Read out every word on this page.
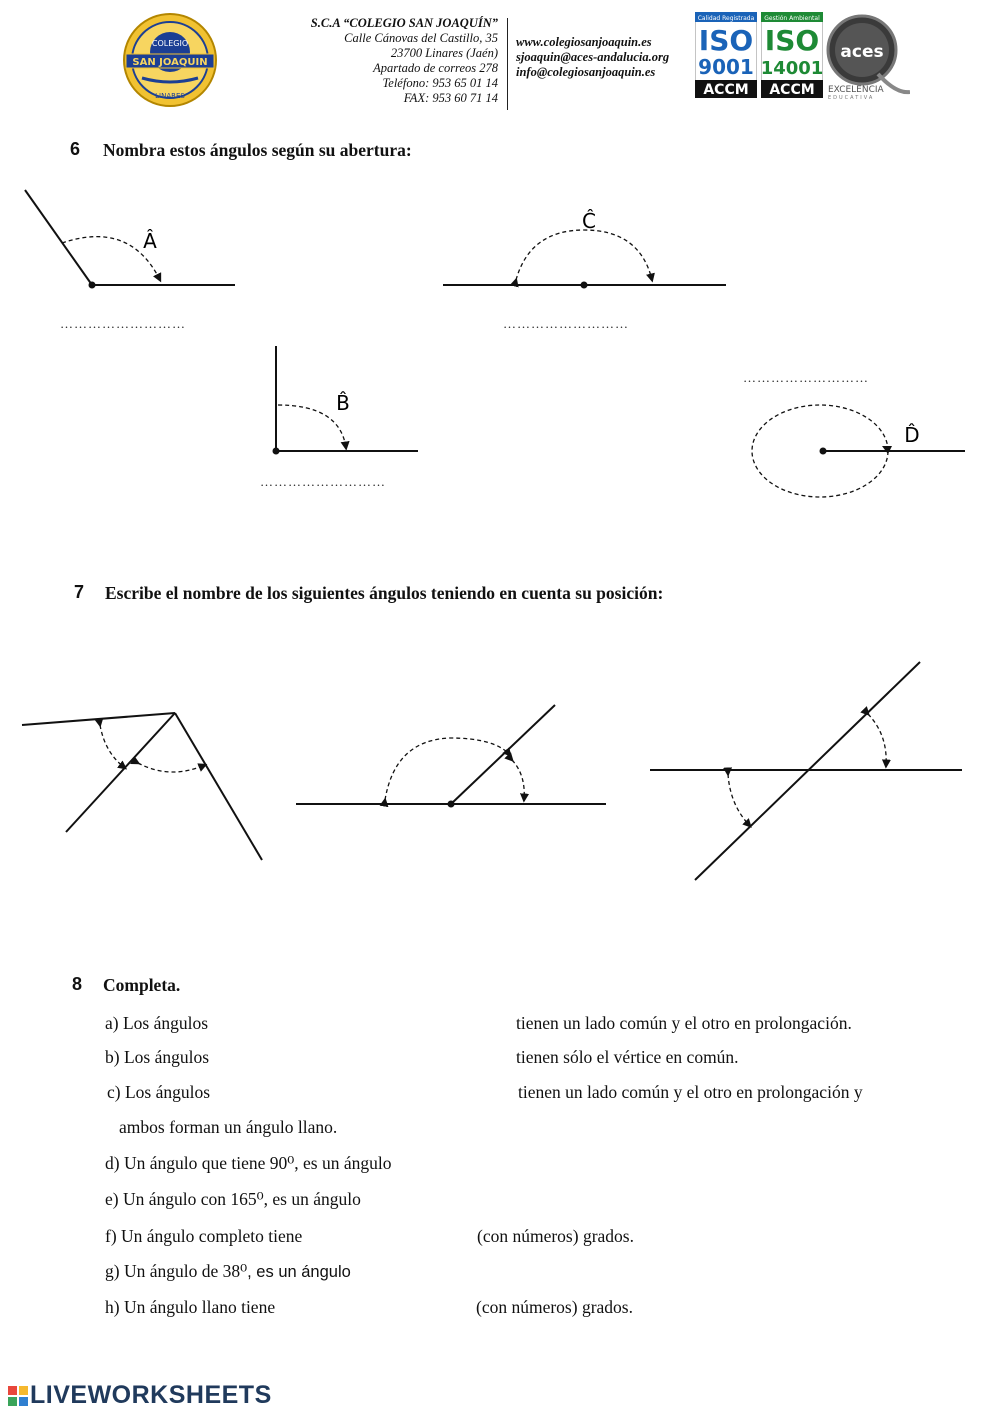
COLEGIO
SAN JOAQUIN
LINARES
S.C.A “COLEGIO SAN JOAQUÍN”
Calle Cánovas del Castillo, 35
23700 Linares (Jaén)
Apartado de correos 278
Teléfono: 953 65 01 14
FAX: 953 60 71 14
www.colegiosanjoaquin.es
sjoaquin@aces-andalucia.org
info@colegiosanjoaquin.es
Calidad Registrada
ISO
9001
ACCM
Gestión Ambiental
ISO
14001
ACCM
aces
EXCELENCIA
EDUCATIVA
6 Nombra estos ángulos según su abertura:
Â
Ĉ
B̂
D̂
………………………	………………………
………………………
………………………
7 Escribe el nombre de los siguientes ángulos teniendo en cuenta su posición:
8 Completa.
a) Los ángulos	tienen un lado común y el otro en prolongación.
b) Los ángulos	tienen sólo el vértice en común.
c) Los ángulos	tienen un lado común y el otro en prolongación y
ambos forman un ángulo llano.
d) Un ángulo que tiene 90⁰, es un ángulo
e) Un ángulo con 165⁰, es un ángulo
f) Un ángulo completo tiene	(con números) grados.
g) Un ángulo de 38⁰, es un ángulo
h) Un ángulo llano tiene	(con números) grados.
LIVEWORKSHEETS
